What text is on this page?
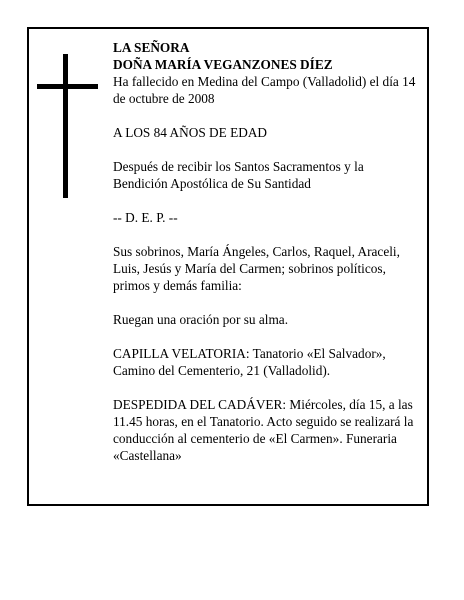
LA SEÑORA

DOÑA MARÍA VEGANZONES DÍEZ

Ha fallecido en Medina del Campo (Valladolid) el día 14 de octubre de 2008

A LOS 84 AÑOS DE EDAD

Después de recibir los Santos Sacramentos y la Bendición Apostólica de Su Santidad

-- D. E. P. --

Sus sobrinos, María Ángeles, Carlos, Raquel, Araceli, Luis, Jesús y María del Carmen; sobrinos políticos, primos y demás familia:

Ruegan una oración por su alma.

CAPILLA VELATORIA: Tanatorio «El Salvador», Camino del Cementerio, 21 (Valladolid).

DESPEDIDA DEL CADÁVER: Miércoles, día 15, a las 11.45 horas, en el Tanatorio. Acto seguido se realizará la conducción al cementerio de «El Carmen». Funeraria «Castellana»
